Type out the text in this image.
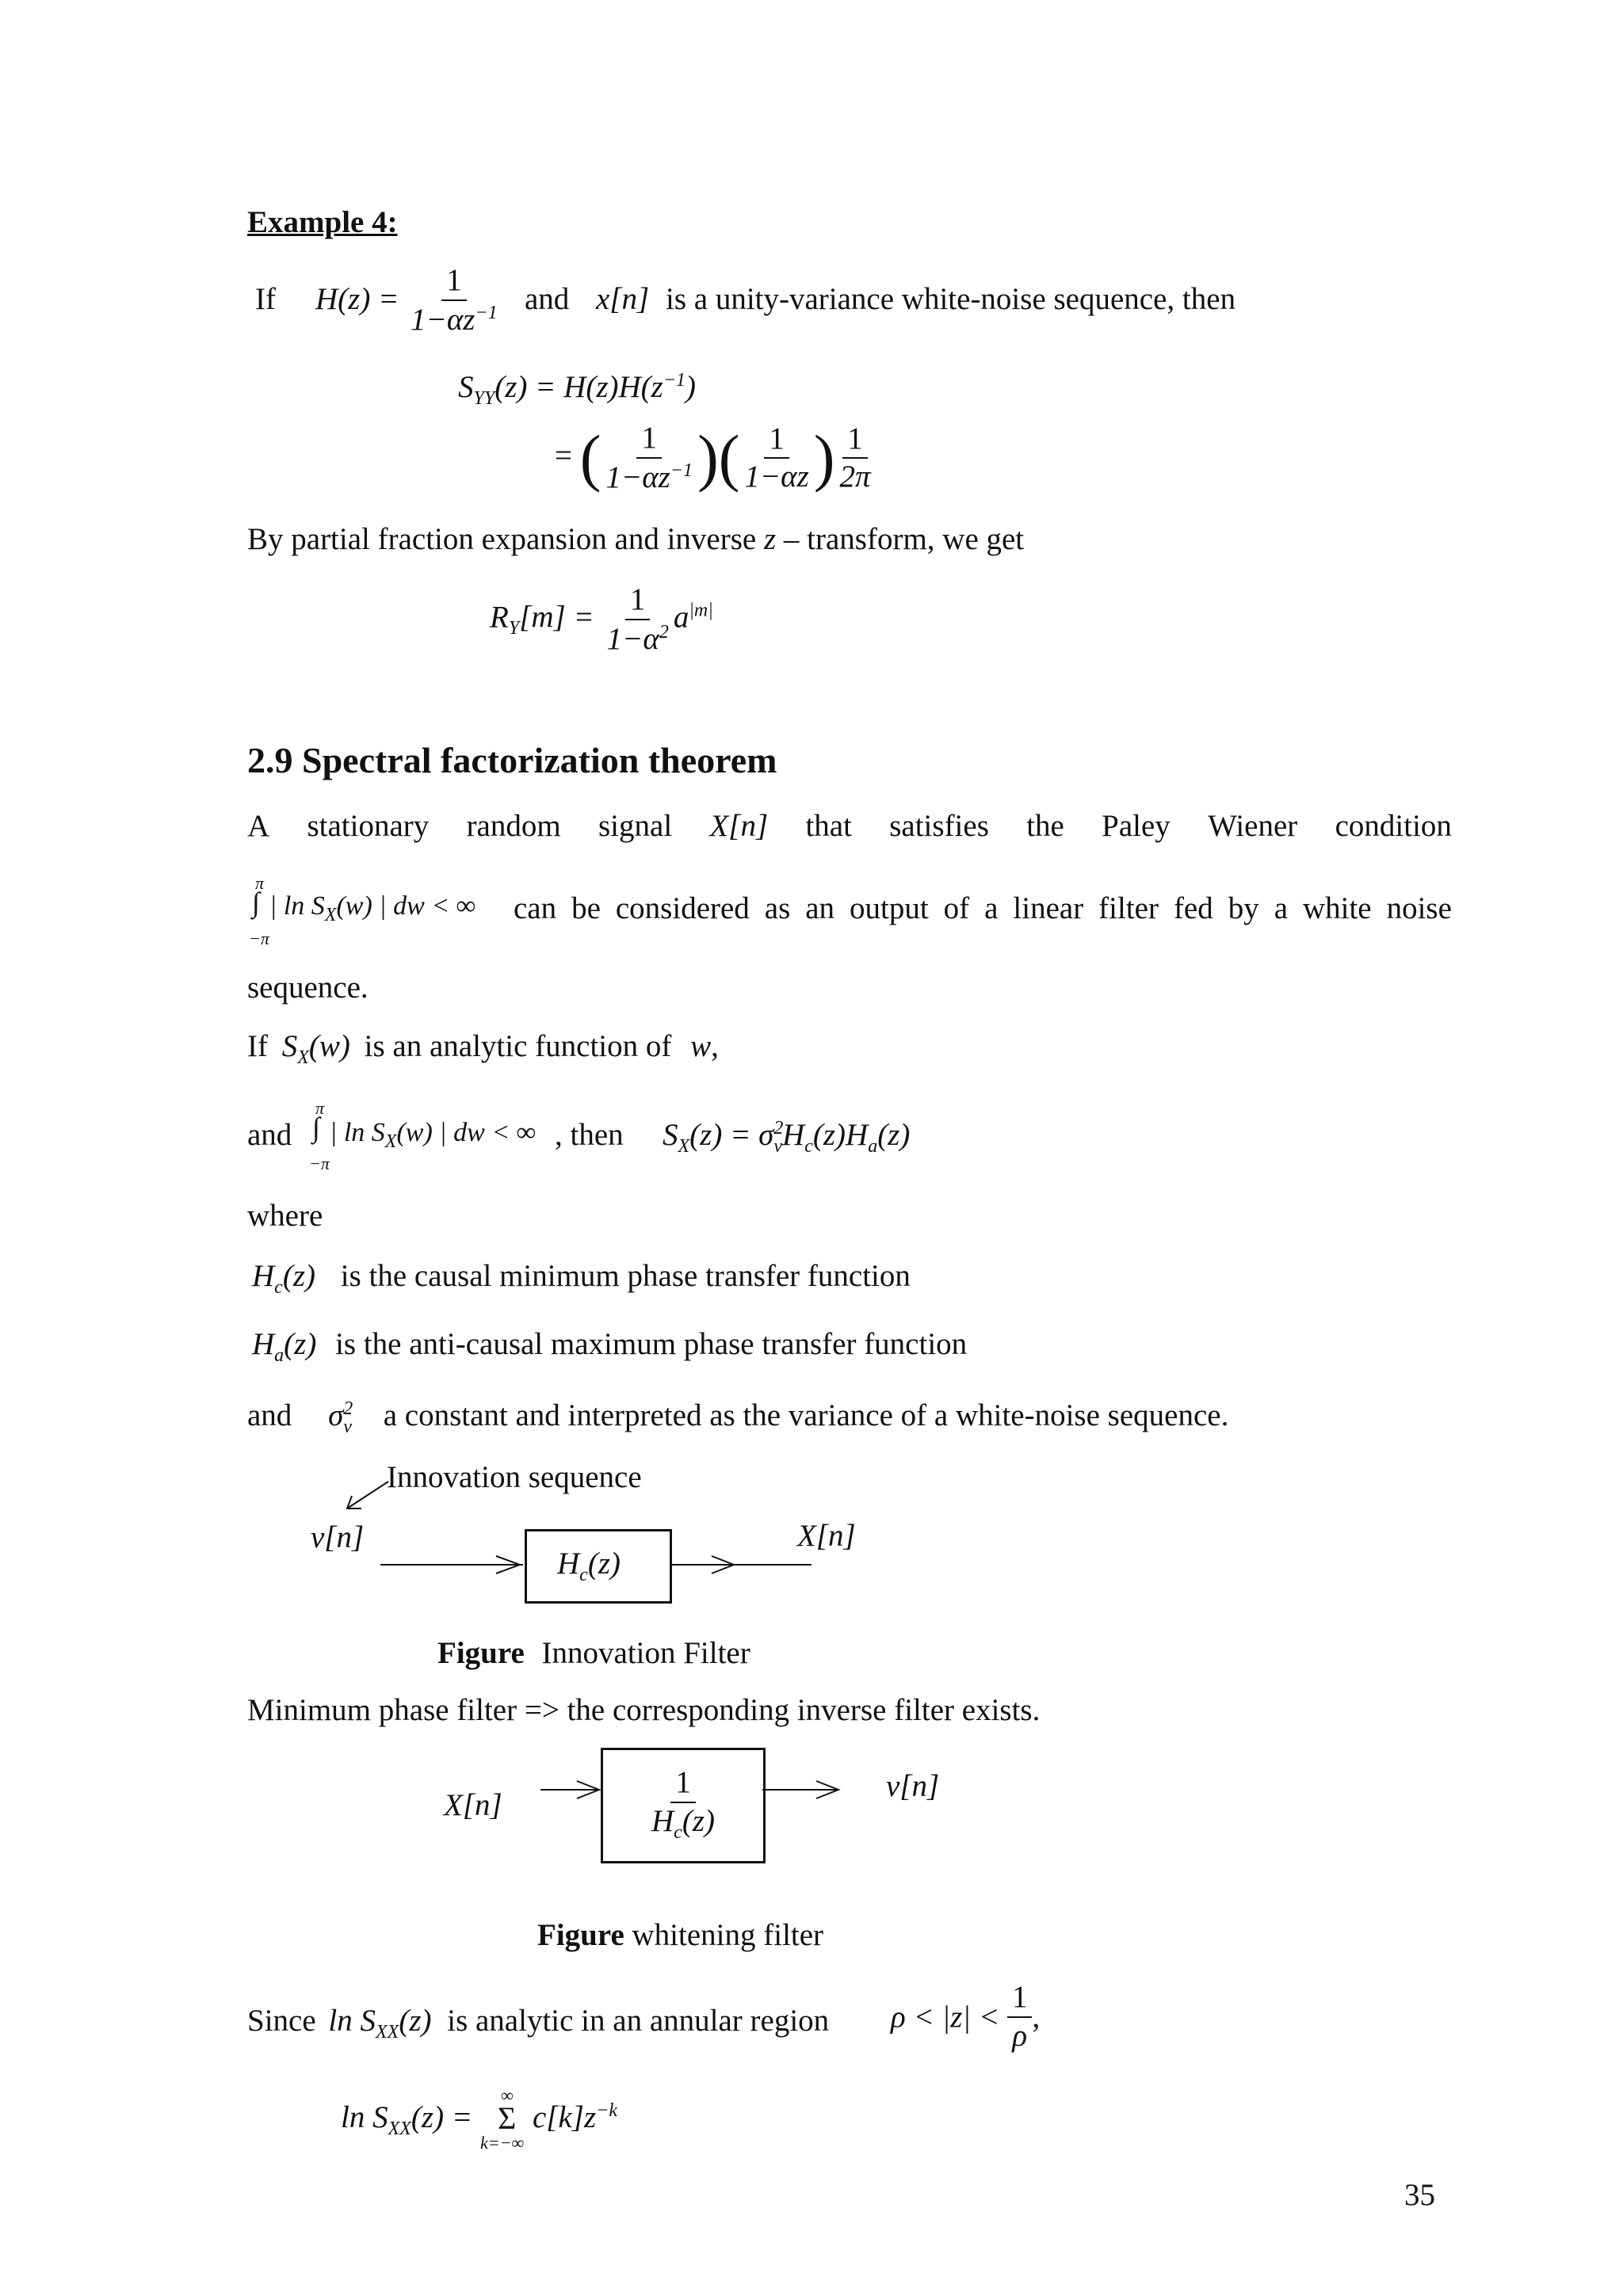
Example 4:
If $H(z) = \frac{1}{1-\alpha z^{-1}}$ and x[n] is a unity-variance white-noise sequence, then
$S_{YY}(z) = H(z)H(z^{-1})$
= ( $\frac{1}{1-\alpha z^{-1}}$ )( $\frac{1}{1-\alpha z}$ ) $\frac{1}{2\pi}$
By partial fraction expansion and inverse z – transform, we get
$R_Y[m] = \frac{1}{1-\alpha^2} a^{|m|}$
2.9 Spectral factorization theorem
A stationary random signal X[n] that satisfies the Paley Wiener condition
π
∫
−π
| $\ln S_X(w)$ | dw < ∞ can be considered as an output of a linear filter fed by a white noise
sequence.
If $S_X(w)$ is an analytic function of w,
and
π
∫
−π
| $\ln S_X(w)$ | dw < ∞ , then $S_X(z) = \sigma^2_vH_c(z)H_a(z)$
where
$H_c(z)$ is the causal minimum phase transfer function
$H_a(z)$ is the anti-causal maximum phase transfer function
and $\sigma^2_v$ a constant and interpreted as the variance of a white-noise sequence.
Innovation sequence
v[n]
$H_c(z)$
X[n]
Figure Innovation Filter
Minimum phase filter => the corresponding inverse filter exists.
X[n]	$\frac{1}{H_c(z)}$	v[n]
Figure whitening filter
Since $\ln S_{XX}(z)$ is analytic in an annular region $\rho < |z| < \frac{1}{\rho}$ ,
$\ln S_{XX}(z)$ =
∞
Σ
k=−∞
$c[k]z^{-k}$
35
